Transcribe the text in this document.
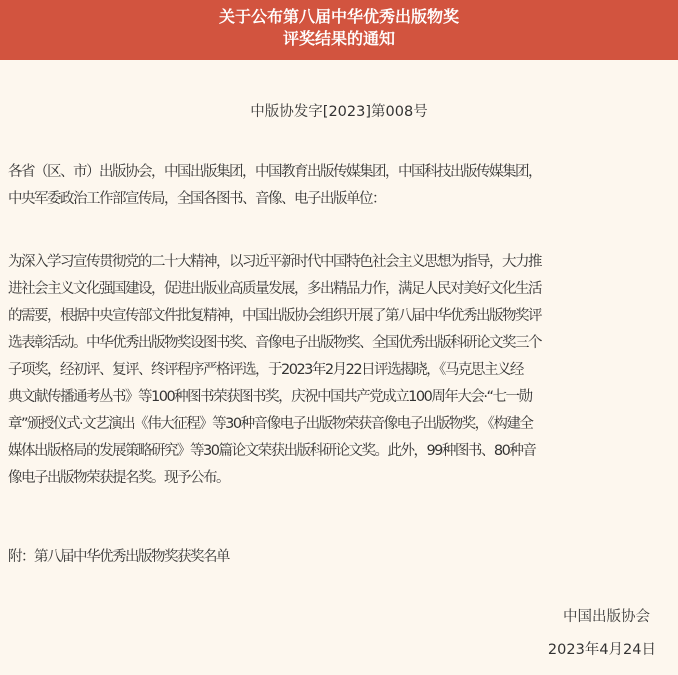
关于公布第八届中华优秀出版物奖
评奖结果的通知
中版协发字[2023]第008号
各省（区、市）出版协会，中国出版集团，中国教育出版传媒集团，中国科技出版传媒集团，
中央军委政治工作部宣传局，全国各图书、音像、电子出版单位：
为深入学习宣传贯彻党的二十大精神，以习近平新时代中国特色社会主义思想为指导，大力推
进社会主义文化强国建设，促进出版业高质量发展，多出精品力作，满足人民对美好文化生活
的需要，根据中央宣传部文件批复精神，中国出版协会组织开展了第八届中华优秀出版物奖评
选表彰活动。中华优秀出版物奖设图书奖、音像电子出版物奖、全国优秀出版科研论文奖三个
子项奖，经初评、复评、终评程序严格评选，于2023年2月22日评选揭晓，《马克思主义经
典文献传播通考丛书》等100种图书荣获图书奖，庆祝中国共产党成立100周年大会·“七一勋
章”颁授仪式·文艺演出《伟大征程》等30种音像电子出版物荣获音像电子出版物奖，《构建全
媒体出版格局的发展策略研究》等30篇论文荣获出版科研论文奖。此外，99种图书、80种音
像电子出版物荣获提名奖。现予公布。
附：第八届中华优秀出版物奖获奖名单
中国出版协会
2023年4月24日
